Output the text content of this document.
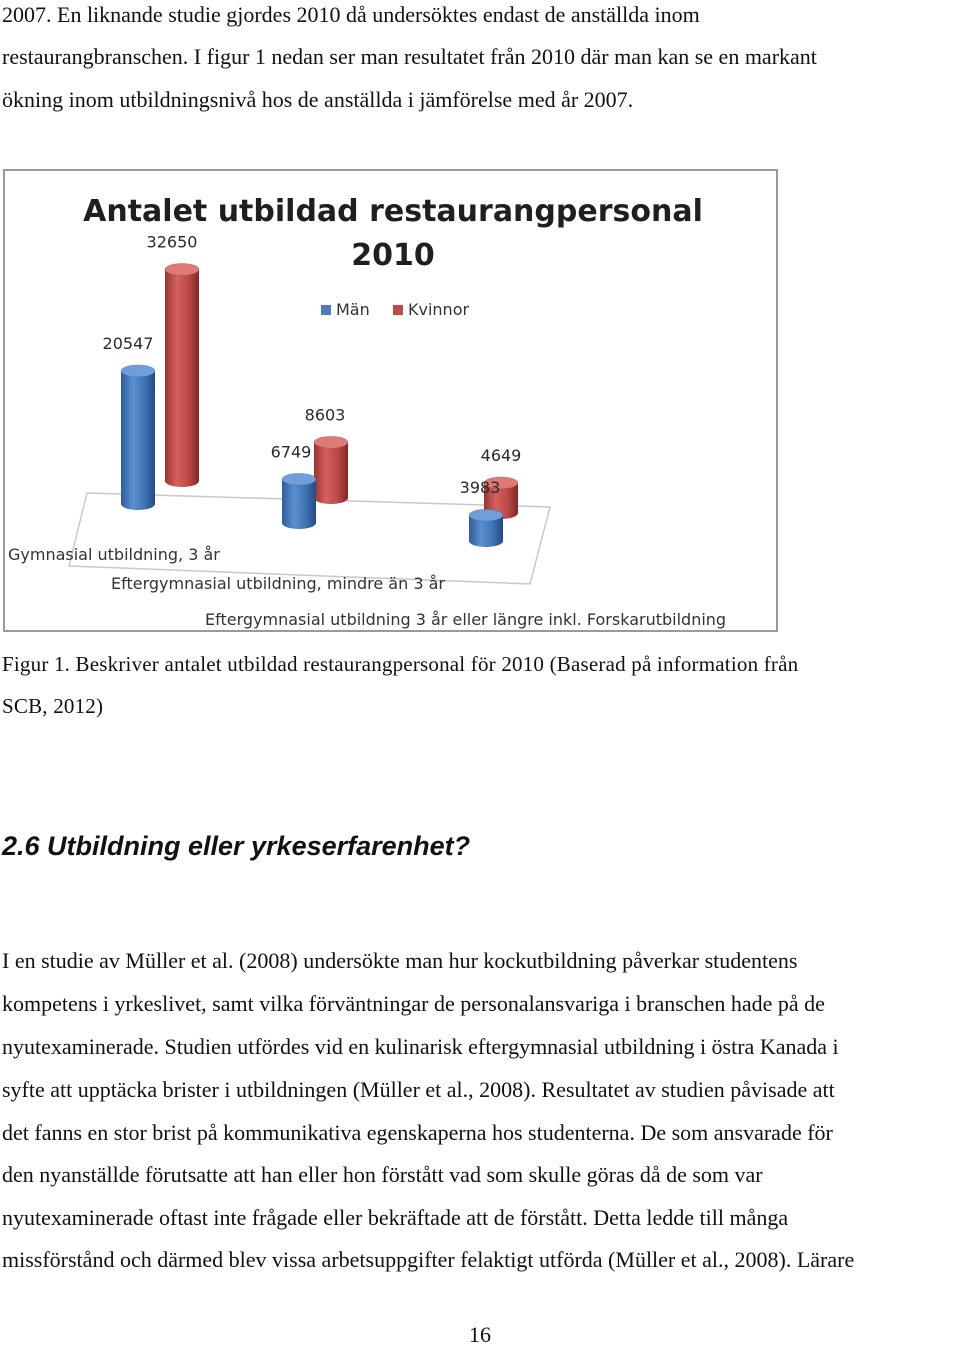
2007. En liknande studie gjordes 2010 då undersöktes endast de anställda inom
restaurangbranschen. I figur 1 nedan ser man resultatet från 2010 där man kan se en markant
ökning inom utbildningsnivå hos de anställda i jämförelse med år 2007.
Antalet utbildad restaurangpersonal
2010
Män Kvinnor
32650
20547
8603
6749	4649
3983
Gymnasial utbildning, 3 år
Eftergymnasial utbildning, mindre än 3 år
Eftergymnasial utbildning 3 år eller längre inkl. Forskarutbildning
Figur 1. Beskriver antalet utbildad restaurangpersonal för 2010 (Baserad på information från
SCB, 2012)
2.6 Utbildning eller yrkeserfarenhet?
I en studie av Müller et al. (2008) undersökte man hur kockutbildning påverkar studentens
kompetens i yrkeslivet, samt vilka förväntningar de personalansvariga i branschen hade på de
nyutexaminerade. Studien utfördes vid en kulinarisk eftergymnasial utbildning i östra Kanada i
syfte att upptäcka brister i utbildningen (Müller et al., 2008). Resultatet av studien påvisade att
det fanns en stor brist på kommunikativa egenskaperna hos studenterna. De som ansvarade för
den nyanställde förutsatte att han eller hon förstått vad som skulle göras då de som var
nyutexaminerade oftast inte frågade eller bekräftade att de förstått. Detta ledde till många
missförstånd och därmed blev vissa arbetsuppgifter felaktigt utförda (Müller et al., 2008). Lärare
16
